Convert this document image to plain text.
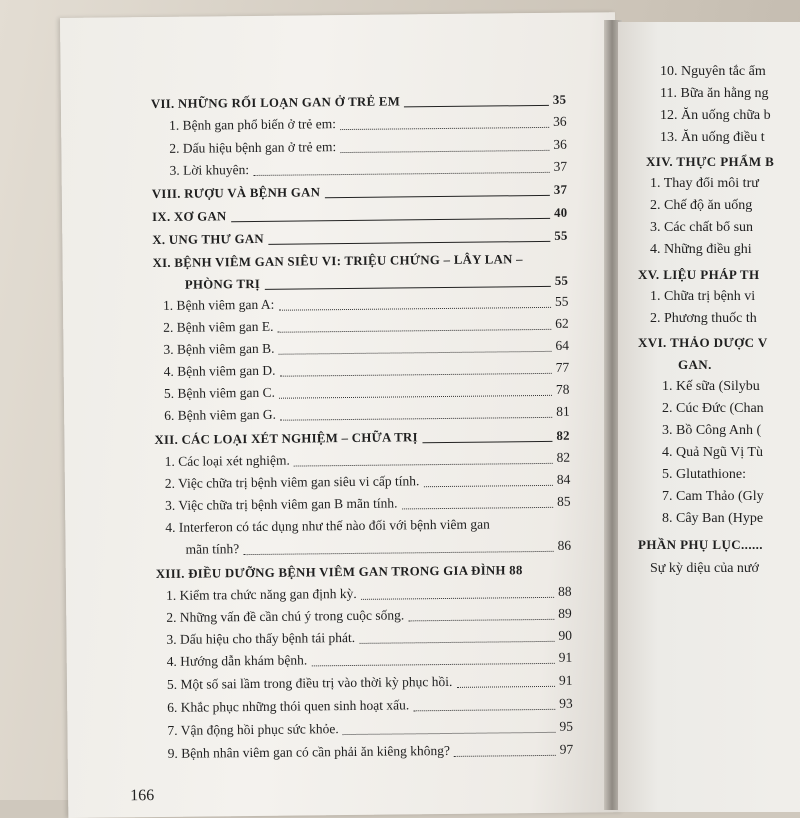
VII. NHỮNG RỐI LOẠN GAN Ở TRẺ EM	35
1. Bệnh gan phổ biến ở trẻ em:	36
2. Dấu hiệu bệnh gan ở trẻ em:	36
3. Lời khuyên:	37
VIII. RƯỢU VÀ BỆNH GAN	37
IX. XƠ GAN	40
X. UNG THƯ GAN	55
XI. BỆNH VIÊM GAN SIÊU VI: TRIỆU CHỨNG – LÂY LAN –
PHÒNG TRỊ	55
1. Bệnh viêm gan A:	55
2. Bệnh viêm gan E.	62
3. Bệnh viêm gan B.	64
4. Bệnh viêm gan D.	77
5. Bệnh viêm gan C.	78
6. Bệnh viêm gan G.	81
XII. CÁC LOẠI XÉT NGHIỆM – CHỮA TRỊ	82
1. Các loại xét nghiệm.	82
2. Việc chữa trị bệnh viêm gan siêu vi cấp tính.	84
3. Việc chữa trị bệnh viêm gan B mãn tính.	85
4. Interferon có tác dụng như thế nào đối với bệnh viêm gan
mãn tính?	86
XIII. ĐIỀU DƯỠNG BỆNH VIÊM GAN TRONG GIA ĐÌNH 88
1. Kiểm tra chức năng gan định kỳ.	88
2. Những vấn đề cần chú ý trong cuộc sống.	89
3. Dấu hiệu cho thấy bệnh tái phát.	90
4. Hướng dẫn khám bệnh.	91
5. Một số sai lầm trong điều trị vào thời kỳ phục hồi.	91
6. Khắc phục những thói quen sinh hoạt xấu.	93
7. Vận động hồi phục sức khỏe.	95
9. Bệnh nhân viêm gan có cần phải ăn kiêng không?	97
166
10. Nguyên tắc ẩm
11. Bữa ăn hằng ng
12. Ăn uống chữa b
13. Ăn uống điều t
XIV. THỰC PHẨM B
1. Thay đổi môi trư
2. Chế độ ăn uống
3. Các chất bổ sun
4. Những điều ghi
XV. LIỆU PHÁP TH
1. Chữa trị bệnh vi
2. Phương thuốc th
XVI. THẢO DƯỢC V
GAN.
1. Kế sữa (Silybu
2. Cúc Đức (Chan
3. Bồ Công Anh (
4. Quả Ngũ Vị Tù
5. Glutathione:
7. Cam Thảo (Gly
8. Cây Ban (Hype
PHẦN PHỤ LỤC......
Sự kỳ diệu của nướ
